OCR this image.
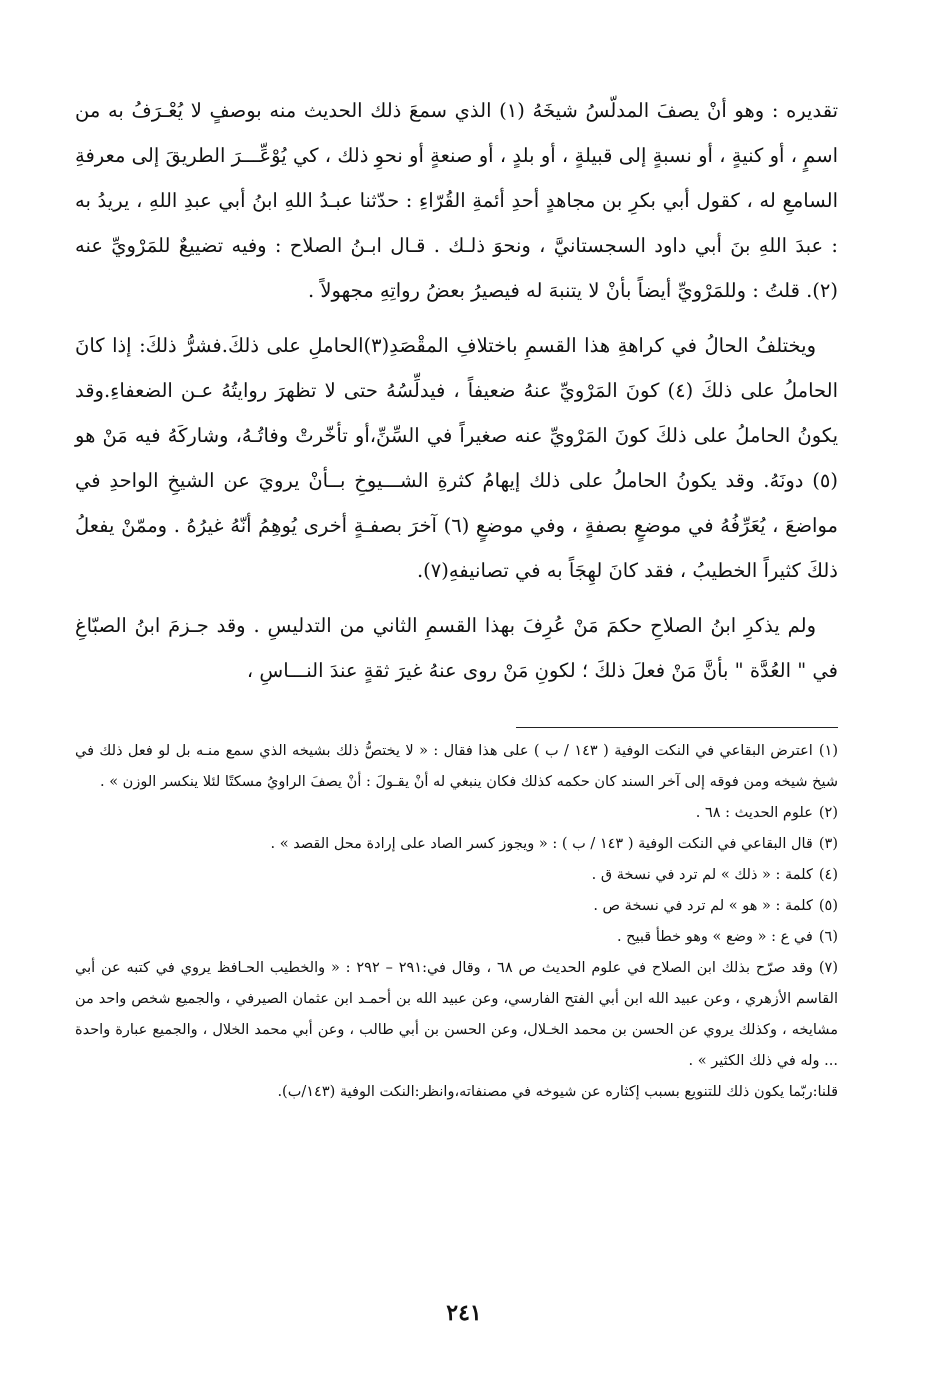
تقديره : وهو أنْ يصفَ المدلّسُ شيخَهُ (١) الذي سمعَ ذلك الحديث منه بوصفٍ لا يُعْـرَفُ به من اسمٍ ، أو كنيةٍ ، أو نسبةٍ إلى قبيلةٍ ، أو بلدٍ ، أو صنعةٍ أو نحوِ ذلك ، كي يُوْعِّـــرَ الطريقَ إلى معرفةِ السامعِ له ، كقول أبي بكرِ بن مجاهدٍ أحدِ أئمةِ القُرّاءِ : حدّثنا عبـدُ اللهِ ابنُ أبي عبدِ اللهِ ، يريدُ به : عبدَ اللهِ بنَ أبي داود السجستانيَّ ، ونحوَ ذلـك . قـال ابـنُ الصلاح : وفيه تضييعٌ للمَرْويِّ عنه (٢). قلتُ : وللمَرْويِّ أيضاً بأنْ لا يتنبهَ له فيصيرُ بعضُ رواتِهِ مجهولاً .

ويختلفُ الحالُ في كراهةِ هذا القسمِ باختلافِ المقْصَدِ(٣)الحاملِ على ذلكَ.فشرُّ ذلكَ: إذا كانَ الحاملُ على ذلكَ (٤) كونَ المَرْويِّ عنهُ ضعيفاً ، فيدلِّسُهُ حتى لا تظهرَ روايتُهُ عـن الضعفاءِ.وقد يكونُ الحاملُ على ذلكَ كونَ المَرْويِّ عنه صغيراً في السِّنِّ،أو تأخّرتْ وفاتُـهُ، وشاركَهُ فيه مَنْ هو (٥) دونَهُ. وقد يكونُ الحاملُ على ذلك إيهامُ كثرةِ الشـــيوخِ بــأنْ يرويَ عن الشيخِ الواحدِ في مواضعَ ، يُعَرِّفُهُ في موضعٍ بصفةٍ ، وفي موضعٍ (٦) آخرَ بصفـةٍ أخرى يُوهِمُ أنّهُ غيرُهُ . وممّنْ يفعلُ ذلكَ كثيراً الخطيبُ ، فقد كانَ لهِجَاً به في تصانيفهِ(٧).

ولم يذكرِ ابنُ الصلاحِ حكمَ مَنْ عُرِفَ بهذا القسمِ الثاني من التدليسِ . وقد جـزمَ ابنُ الصبّاغِ في " العُدَّة " بأنَّ مَنْ فعلَ ذلكَ ؛ لكونِ مَنْ روى عنهُ غيرَ ثقةٍ عندَ النـــاسِ ،

(١)اعترض البقاعي في النكت الوفية ( ١٤٣ / ب ) على هذا فقال : « لا يختصُّ ذلك بشيخه الذي سمع منـه بل لو فعل ذلك في شيخ شيخه ومن فوقه إلى آخر السند كان حكمه كذلك فكان ينبغي له أنْ يقـولَ : أنْ يصفَ الراويُ مسكتًا لئلا ينكسر الوزن » .

(٢)علوم الحديث : ٦٨ .

(٣)قال البقاعي في النكت الوفية ( ١٤٣ / ب ) : « ويجوز كسر الصاد على إرادة محل القصد » .

(٤)كلمة : « ذلك » لم ترد في نسخة ق .

(٥)كلمة : « هو » لم ترد في نسخة ص .

(٦)في ع : « وضع » وهو خطأ قبيح .

(٧)وقد صرّح بذلك ابن الصلاح في علوم الحديث ص ٦٨ ، وقال في:٢٩١ – ٢٩٢ : « والخطيب الحـافظ يروي في كتبه عن أبي القاسم الأزهري ، وعن عبيد الله ابن أبي الفتح الفارسي، وعن عبيد الله بن أحمـد ابن عثمان الصيرفي ، والجميع شخص واحد من مشايخه ، وكذلك يروي عن الحسن بن محمد الخـلال، وعن الحسن بن أبي طالب ، وعن أبي محمد الخلال ، والجميع عبارة واحدة ... وله في ذلك الكثير » .

قلنا:ربّما يكون ذلك للتنويع بسبب إكثاره عن شيوخه في مصنفاته،وانظر:النكت الوفية (١٤٣/ب).

٢٤١
